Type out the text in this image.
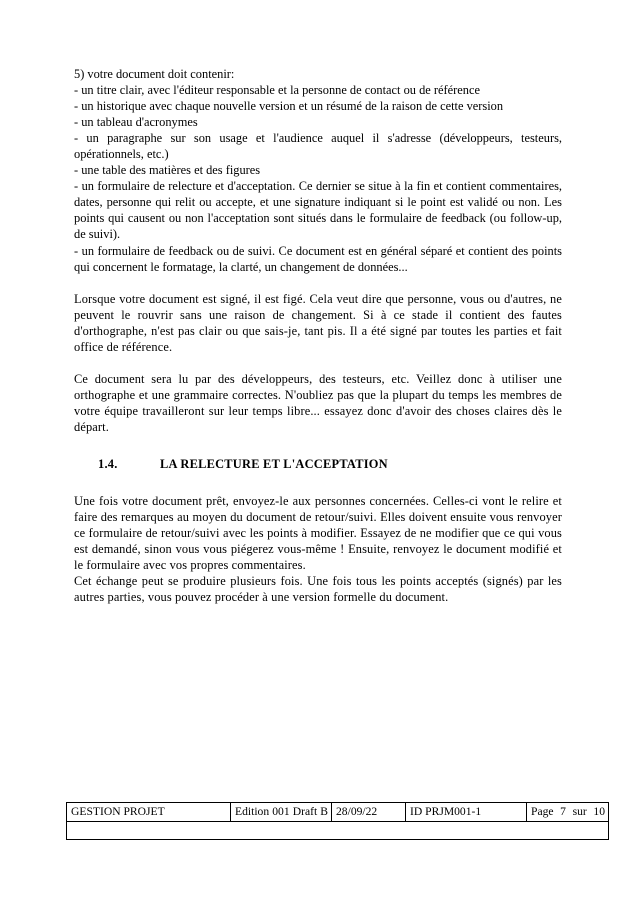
5) votre document doit contenir:

- un titre clair, avec l'éditeur responsable et la personne de contact ou de référence

- un historique avec chaque nouvelle version et un résumé de la raison de cette version

- un tableau d'acronymes

- un paragraphe sur son usage et l'audience auquel il s'adresse (développeurs, testeurs, opérationnels, etc.)

- une table des matières et des figures

- un formulaire de relecture et d'acceptation. Ce dernier se situe à la fin et contient commentaires, dates, personne qui relit ou accepte, et une signature indiquant si le point est validé ou non. Les points qui causent ou non l'acceptation sont situés dans le formulaire de feedback (ou follow-up, de suivi).

- un formulaire de feedback ou de suivi. Ce document est en général séparé et contient des points qui concernent le formatage, la clarté, un changement de données...

Lorsque votre document est signé, il est figé. Cela veut dire que personne, vous ou d'autres, ne peuvent le rouvrir sans une raison de changement. Si à ce stade il contient des fautes d'orthographe, n'est pas clair ou que sais-je, tant pis. Il a été signé par toutes les parties et fait office de référence.

Ce document sera lu par des développeurs, des testeurs, etc. Veillez donc à utiliser une orthographe et une grammaire correctes. N'oubliez pas que la plupart du temps les membres de votre équipe travailleront sur leur temps libre... essayez donc d'avoir des choses claires dès le départ.

1.4.	LA RELECTURE ET L'ACCEPTATION

Une fois votre document prêt, envoyez-le aux personnes concernées. Celles-ci vont le relire et faire des remarques au moyen du document de retour/suivi. Elles doivent ensuite vous renvoyer ce formulaire de retour/suivi avec les points à modifier. Essayez de ne modifier que ce qui vous est demandé, sinon vous vous piégerez vous-même ! Ensuite, renvoyez le document modifié et le formulaire avec vos propres commentaires.

Cet échange peut se produire plusieurs fois. Une fois tous les points acceptés (signés) par les autres parties, vous pouvez procéder à une version formelle du document.

GESTION PROJET	Edition 001 Draft B	28/09/22	ID PRJM001-1	Page 7 sur 10
